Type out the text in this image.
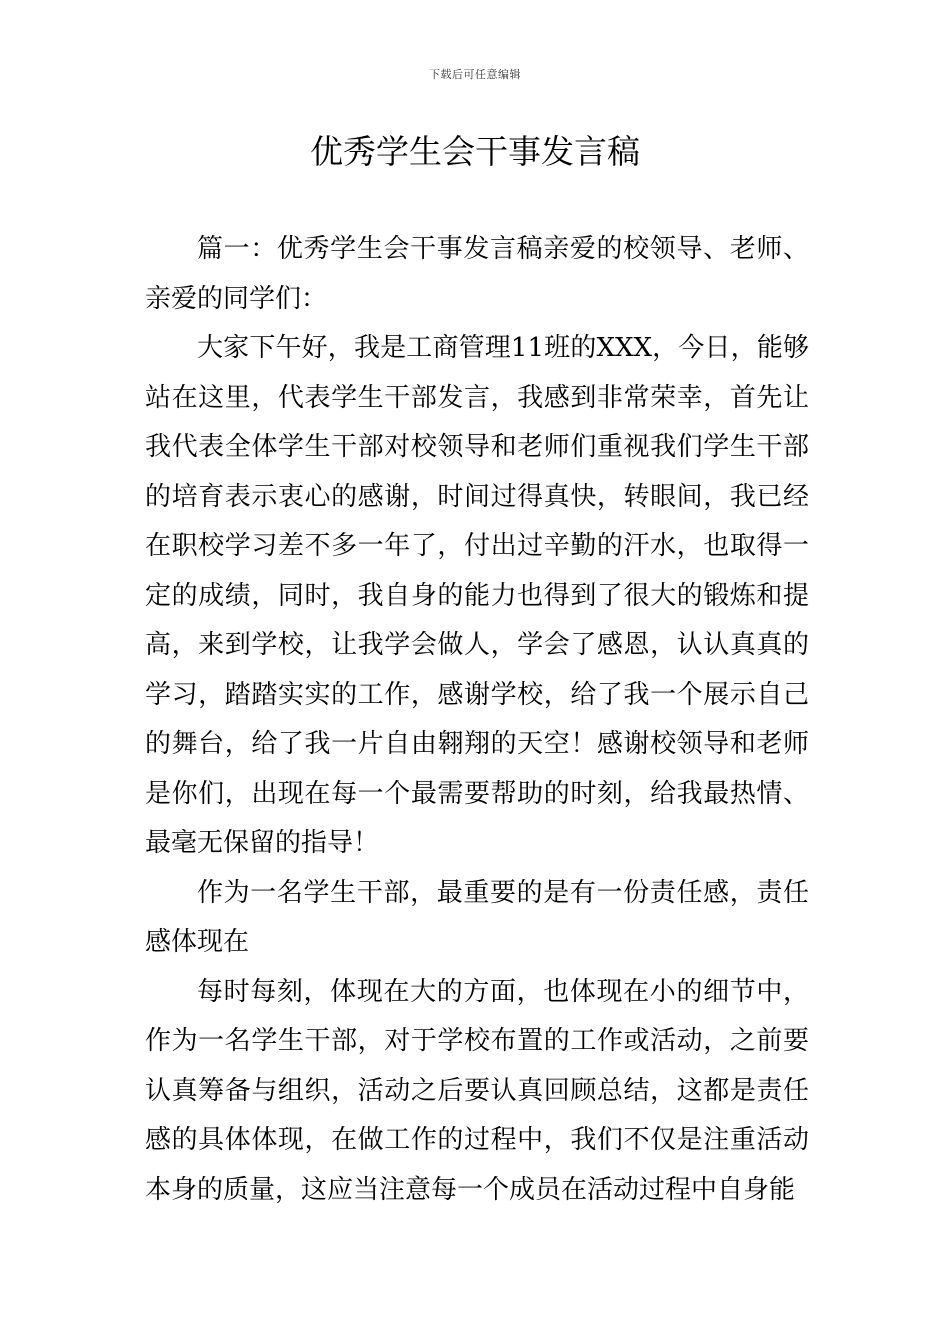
下载后可任意编辑
优秀学生会干事发言稿

篇一：优秀学生会干事发言稿亲爱的校领导、老师、亲爱的同学们：

大家下午好，我是工商管理11班的XXX，今日，能够站在这里，代表学生干部发言，我感到非常荣幸，首先让我代表全体学生干部对校领导和老师们重视我们学生干部的培育表示衷心的感谢，时间过得真快，转眼间，我已经在职校学习差不多一年了，付出过辛勤的汗水，也取得一定的成绩，同时，我自身的能力也得到了很大的锻炼和提高，来到学校，让我学会做人，学会了感恩，认认真真的学习，踏踏实实的工作，感谢学校，给了我一个展示自己的舞台，给了我一片自由翱翔的天空！感谢校领导和老师是你们，出现在每一个最需要帮助的时刻，给我最热情、最毫无保留的指导！

作为一名学生干部，最重要的是有一份责任感，责任感体现在

每时每刻，体现在大的方面，也体现在小的细节中，作为一名学生干部，对于学校布置的工作或活动，之前要认真筹备与组织，活动之后要认真回顾总结，这都是责任感的具体体现，在做工作的过程中，我们不仅是注重活动本身的质量，这应当注意每一个成员在活动过程中自身能
